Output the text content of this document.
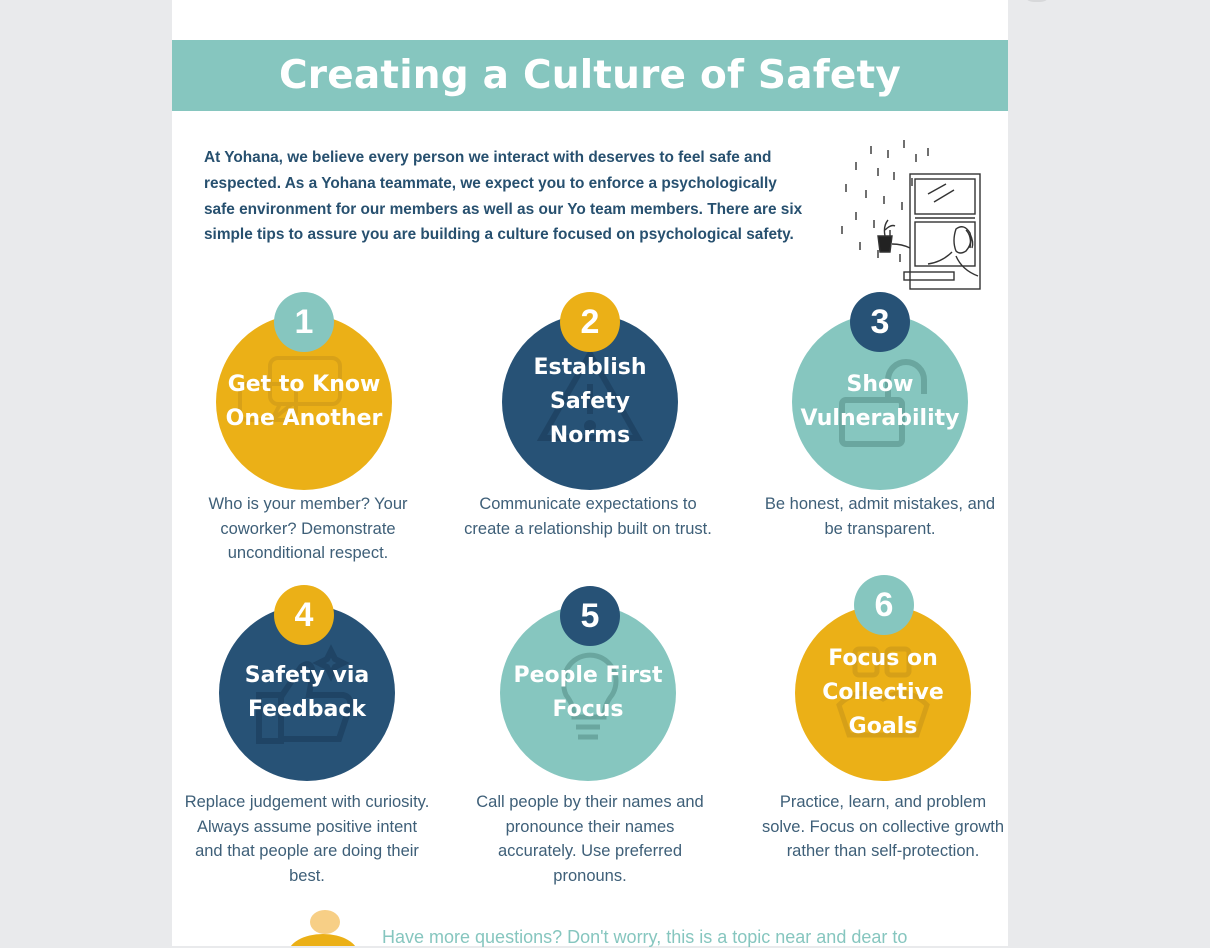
Creating a Culture of Safety
At Yohana, we believe every person we interact with deserves to feel safe and respected. As a Yohana teammate, we expect you to enforce a psychologically safe environment for our members as well as our Yo team members. There are six simple tips to assure you are building a culture focused on psychological safety.
Get to Know One Another
1
Who is your member? Your coworker? Demonstrate unconditional respect.
Establish Safety Norms
2
Communicate expectations to create a relationship built on trust.
Show Vulnerability
3
Be honest, admit mistakes, and be transparent.
Safety via Feedback
4
Replace judgement with curiosity. Always assume positive intent and that people are doing their best.
People First Focus
5
Call people by their names and pronounce their names accurately. Use preferred pronouns.
Focus on Collective Goals
6
Practice, learn, and problem solve. Focus on collective growth rather than self-protection.
Have more questions? Don't worry, this is a topic near and dear to
